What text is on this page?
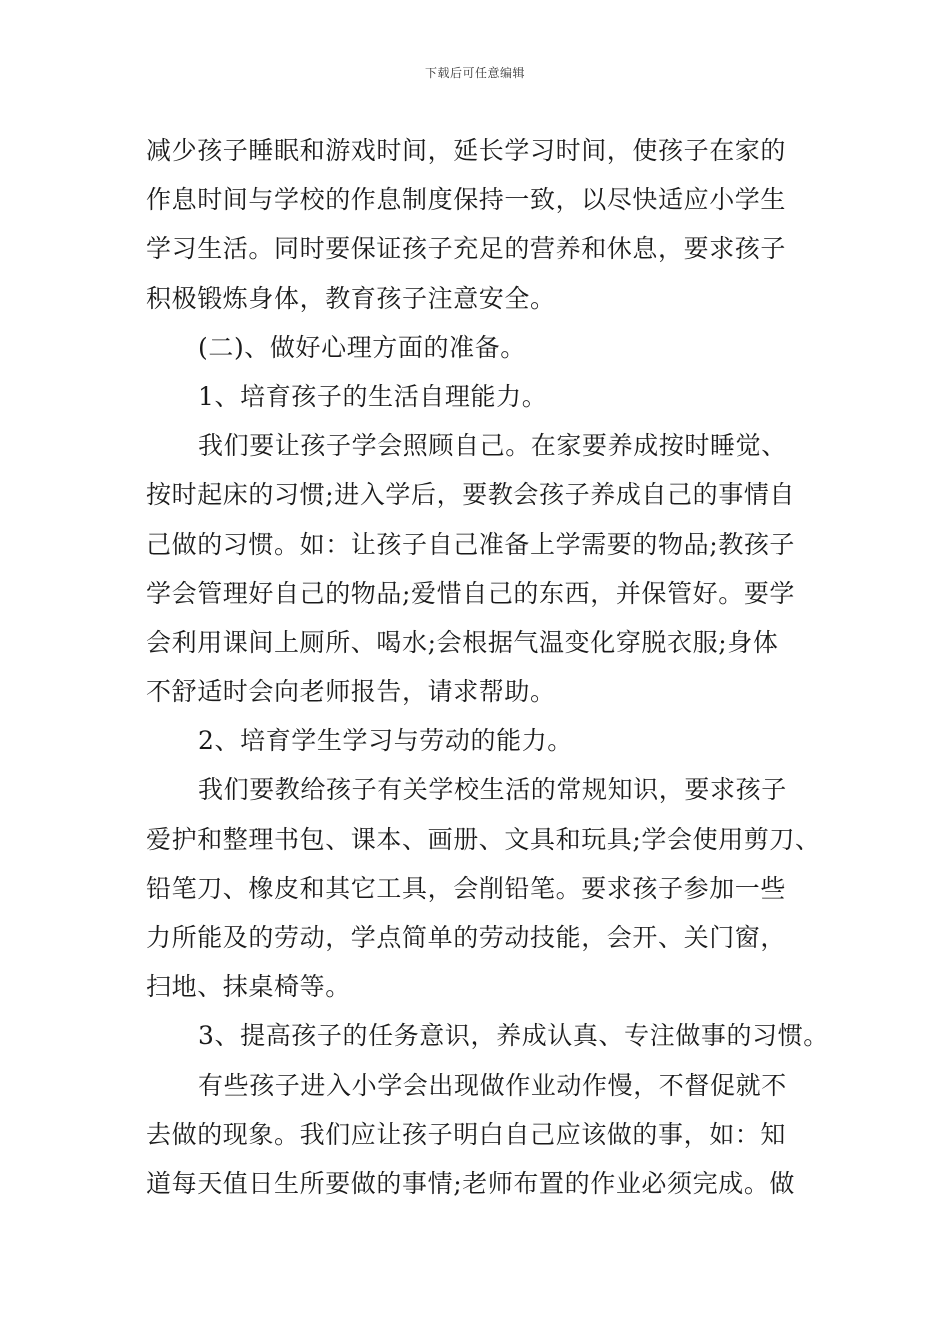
下载后可任意编辑
减少孩子睡眠和游戏时间，延长学习时间，使孩子在家的
作息时间与学校的作息制度保持一致，以尽快适应小学生
学习生活。同时要保证孩子充足的营养和休息，要求孩子
积极锻炼身体，教育孩子注意安全。
(二)、做好心理方面的准备。
1、培育孩子的生活自理能力。
我们要让孩子学会照顾自己。在家要养成按时睡觉、
按时起床的习惯;进入学后，要教会孩子养成自己的事情自
己做的习惯。如：让孩子自己准备上学需要的物品;教孩子
学会管理好自己的物品;爱惜自己的东西，并保管好。要学
会利用课间上厕所、喝水;会根据气温变化穿脱衣服;身体
不舒适时会向老师报告，请求帮助。
2、培育学生学习与劳动的能力。
我们要教给孩子有关学校生活的常规知识，要求孩子
爱护和整理书包、课本、画册、文具和玩具;学会使用剪刀、
铅笔刀、橡皮和其它工具，会削铅笔。要求孩子参加一些
力所能及的劳动，学点简单的劳动技能，会开、关门窗，
扫地、抹桌椅等。
3、提高孩子的任务意识，养成认真、专注做事的习惯。
有些孩子进入小学会出现做作业动作慢，不督促就不
去做的现象。我们应让孩子明白自己应该做的事，如：知
道每天值日生所要做的事情;老师布置的作业必须完成。做
